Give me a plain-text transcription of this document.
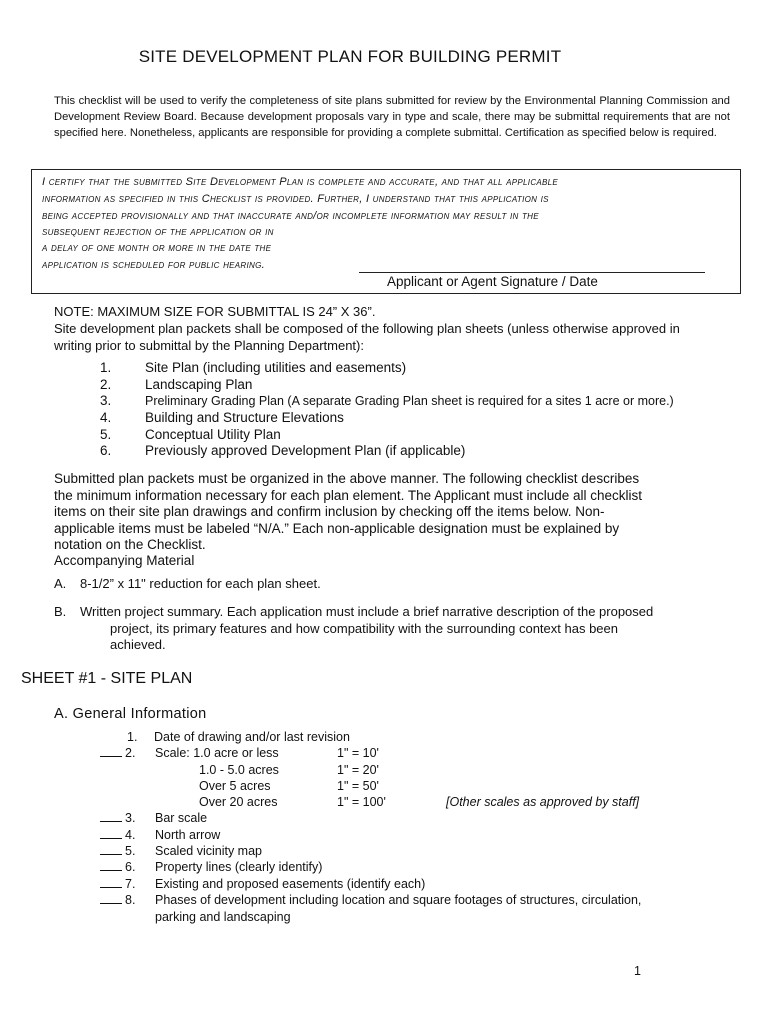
SITE DEVELOPMENT PLAN FOR BUILDING PERMIT
This checklist will be used to verify the completeness of site plans submitted for review by the Environmental Planning Commission and Development Review Board. Because development proposals vary in type and scale, there may be submittal requirements that are not specified here. Nonetheless, applicants are responsible for providing a complete submittal. Certification as specified below is required.
I certify that the submitted Site Development Plan is complete and accurate, and that all applicable
information as specified in this Checklist is provided. Further, I understand that this application is
being accepted provisionally and that inaccurate and/or incomplete information may result in the
subsequent rejection of the application or in
a delay of one month or more in the date the
application is scheduled for public hearing.
Applicant or Agent Signature / Date
NOTE: MAXIMUM SIZE FOR SUBMITTAL IS 24” X 36”.
Site development plan packets shall be composed of the following plan sheets (unless otherwise approved in
writing prior to submittal by the Planning Department):
1. Site Plan (including utilities and easements)
2. Landscaping Plan
3.	Preliminary Grading Plan (A separate Grading Plan sheet is required for a sites 1 acre or more.)
4. Building and Structure Elevations
5. Conceptual Utility Plan
6. Previously approved Development Plan (if applicable)
Submitted plan packets must be organized in the above manner. The following checklist describes
the minimum information necessary for each plan element. The Applicant must include all checklist
items on their site plan drawings and confirm inclusion by checking off the items below. Non-
applicable items must be labeled “N/A.” Each non-applicable designation must be explained by
notation on the Checklist.
Accompanying Material
A. 8-1/2” x 11" reduction for each plan sheet.
B. Written project summary. Each application must include a brief narrative description of the proposed
project, its primary features and how compatibility with the surrounding context has been
achieved.
SHEET #1 - SITE PLAN
A. General Information
1. Date of drawing and/or last revision
2. Scale: 1.0 acre or less	1" = 10'
1.0 - 5.0 acres	1" = 20'
Over 5 acres	1" = 50'
Over 20 acres	1" = 100'	[Other scales as approved by staff]
3. Bar scale
4. North arrow
5. Scaled vicinity map
6. Property lines (clearly identify)
7. Existing and proposed easements (identify each)
8. Phases of development including location and square footages of structures, circulation,
parking and landscaping
1
